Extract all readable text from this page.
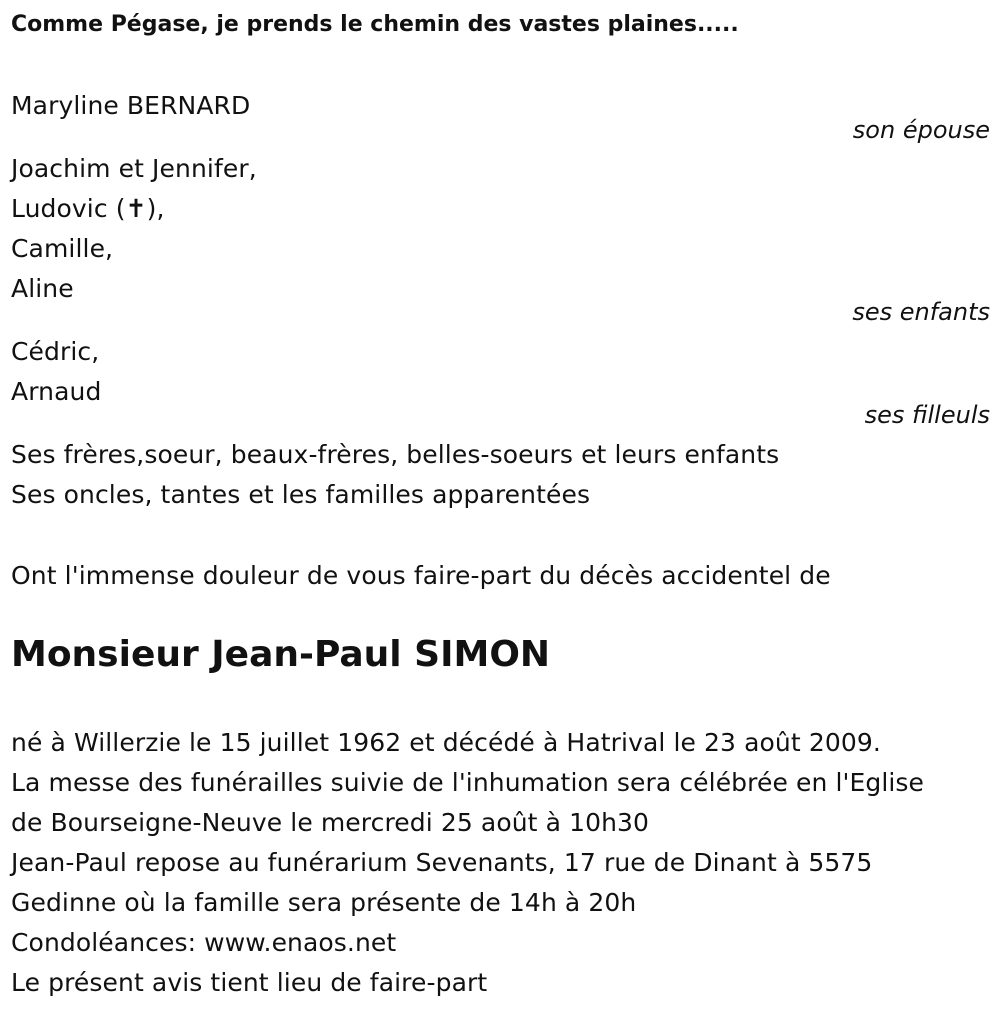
Comme Pégase, je prends le chemin des vastes plaines.....
Maryline BERNARD
son épouse
Joachim et Jennifer,
Ludovic (✝),
Camille,
Aline
ses enfants
Cédric,
Arnaud
ses filleuls
Ses frères,soeur, beaux-frères, belles-soeurs et leurs enfants
Ses oncles, tantes et les familles apparentées
Ont l'immense douleur de vous faire-part du décès accidentel de
Monsieur Jean-Paul SIMON
né à Willerzie le 15 juillet 1962 et décédé à Hatrival le 23 août 2009.
La messe des funérailles suivie de l'inhumation sera célébrée en l'Eglise
de Bourseigne-Neuve le mercredi 25 août à 10h30
Jean-Paul repose au funérarium Sevenants, 17 rue de Dinant à 5575
Gedinne où la famille sera présente de 14h à 20h
Condoléances: www.enaos.net
Le présent avis tient lieu de faire-part
